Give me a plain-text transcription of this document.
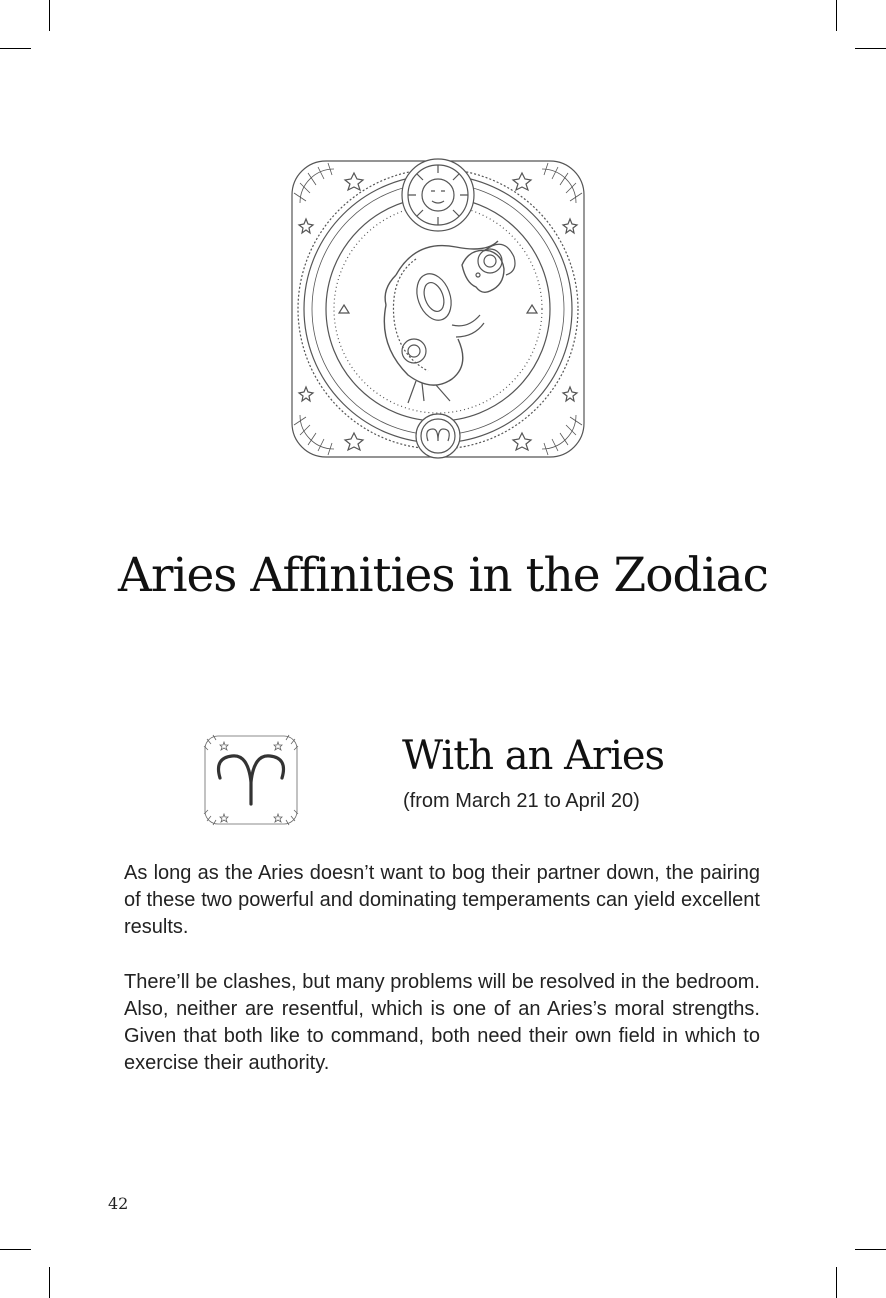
Aries Affinities in the Zodiac
With an Aries
(from March 21 to April 20)

As long as the Aries doesn’t want to bog their partner down, the pairing of these two powerful and dominating temperaments can yield excellent results.

There’ll be clashes, but many problems will be resolved in the bedroom. Also, neither are resentful, which is one of an Aries’s moral strengths. Given that both like to command, both need their own field in which to exercise their authority.

42
